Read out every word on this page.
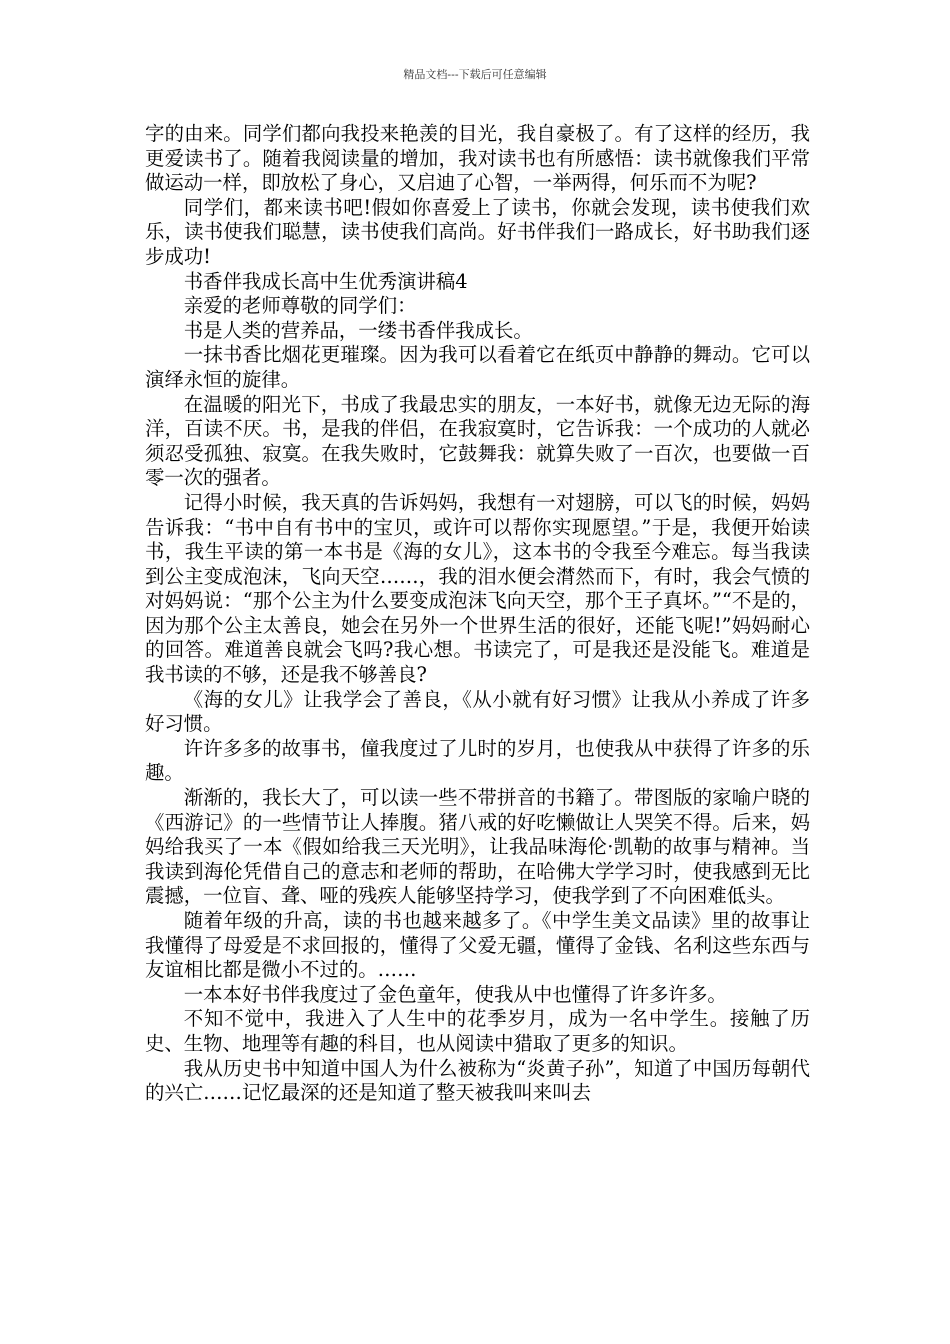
精品文档---下载后可任意编辑

字的由来。同学们都向我投来艳羡的目光，我自豪极了。有了这样的经历，我更爱读书了。随着我阅读量的增加，我对读书也有所感悟：读书就像我们平常做运动一样，即放松了身心，又启迪了心智，一举两得，何乐而不为呢?

同学们，都来读书吧!假如你喜爱上了读书，你就会发现，读书使我们欢乐，读书使我们聪慧，读书使我们高尚。好书伴我们一路成长，好书助我们逐步成功!

书香伴我成长高中生优秀演讲稿4

亲爱的老师尊敬的同学们：

书是人类的营养品，一缕书香伴我成长。

一抹书香比烟花更璀璨。因为我可以看着它在纸页中静静的舞动。它可以演绎永恒的旋律。

在温暖的阳光下，书成了我最忠实的朋友，一本好书，就像无边无际的海洋，百读不厌。书，是我的伴侣，在我寂寞时，它告诉我：一个成功的人就必须忍受孤独、寂寞。在我失败时，它鼓舞我：就算失败了一百次，也要做一百零一次的强者。

记得小时候，我天真的告诉妈妈，我想有一对翅膀，可以飞的时候，妈妈告诉我：“书中自有书中的宝贝，或许可以帮你实现愿望。”于是，我便开始读书，我生平读的第一本书是《海的女儿》，这本书的令我至今难忘。每当我读到公主变成泡沫，飞向天空……，我的泪水便会潸然而下，有时，我会气愤的对妈妈说：“那个公主为什么要变成泡沫飞向天空，那个王子真坏。”“不是的，因为那个公主太善良，她会在另外一个世界生活的很好，还能飞呢!”妈妈耐心的回答。难道善良就会飞吗?我心想。书读完了，可是我还是没能飞。难道是我书读的不够，还是我不够善良?

《海的女儿》让我学会了善良，《从小就有好习惯》让我从小养成了许多好习惯。

许许多多的故事书，僮我度过了儿时的岁月，也使我从中获得了许多的乐趣。

渐渐的，我长大了，可以读一些不带拼音的书籍了。带图版的家喻户晓的《西游记》的一些情节让人捧腹。猪八戒的好吃懒做让人哭笑不得。后来，妈妈给我买了一本《假如给我三天光明》，让我品味海伦·凯勒的故事与精神。当我读到海伦凭借自己的意志和老师的帮助，在哈佛大学学习时，使我感到无比震撼，一位盲、聋、哑的残疾人能够坚持学习，使我学到了不向困难低头。

随着年级的升高，读的书也越来越多了。《中学生美文品读》里的故事让我懂得了母爱是不求回报的，懂得了父爱无疆，懂得了金钱、名利这些东西与友谊相比都是微小不过的。……

一本本好书伴我度过了金色童年，使我从中也懂得了许多许多。

不知不觉中，我进入了人生中的花季岁月，成为一名中学生。接触了历史、生物、地理等有趣的科目，也从阅读中猎取了更多的知识。

我从历史书中知道中国人为什么被称为“炎黄子孙”，知道了中国历每朝代的兴亡……记忆最深的还是知道了整天被我叫来叫去
